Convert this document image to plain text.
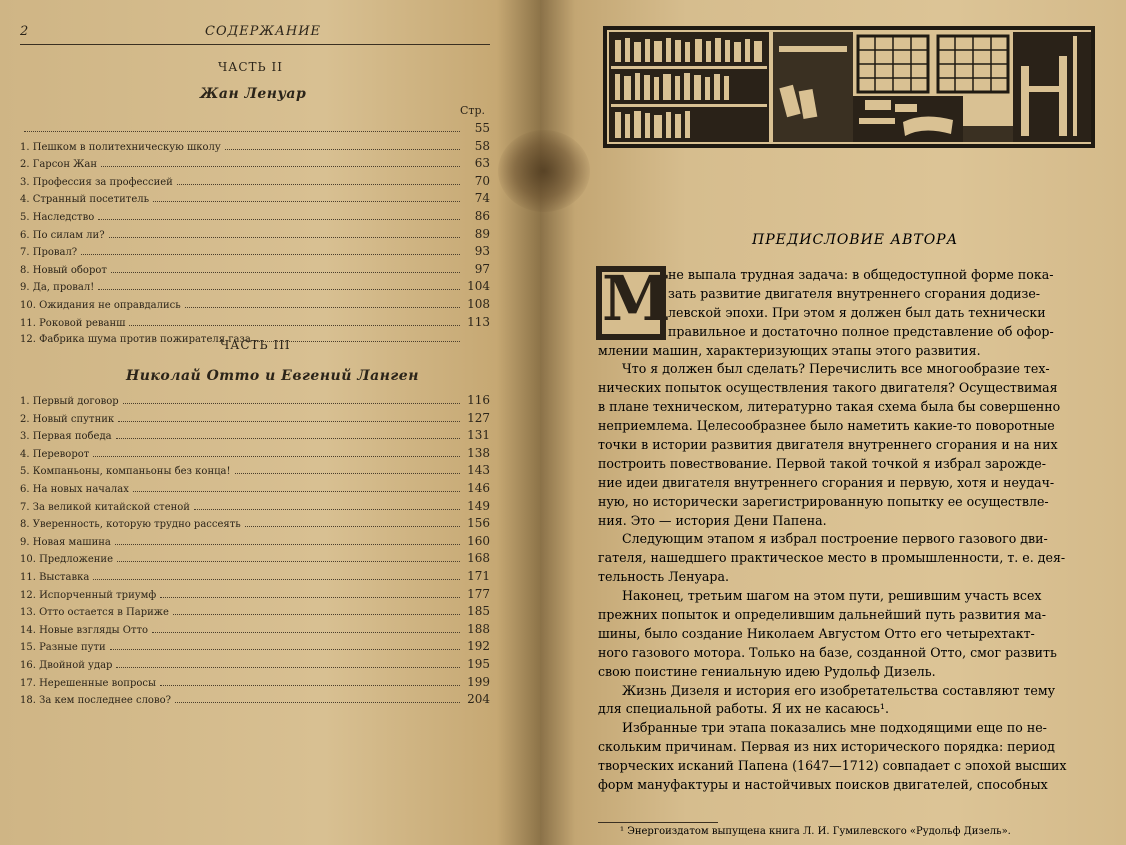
2	СОДЕРЖАНИЕ
ЧАСТЬ II
Жан Ленуар
Стр.
55
1. Пешком в политехническую школу	58
2. Гарсон Жан	63
3. Профессия за профессией	70
4. Странный посетитель	74
5. Наследство	86
6. По силам ли?	89
7. Провал?	93
8. Новый оборот	97
9. Да, провал!	104
10. Ожидания не оправдались	108
11. Роковой реванш	113
12. Фабрика шума против пожирателя газа
ЧАСТЬ III
Николай Отто и Евгений Ланген
1. Первый договор	116
2. Новый спутник	127
3. Первая победа	131
4. Переворот	138
5. Компаньоны, компаньоны без конца!	143
6. На новых началах	146
7. За великой китайской стеной	149
8. Уверенность, которую трудно рассеять	156
9. Новая машина	160
10. Предложение	168
11. Выставка	171
12. Испорченный триумф	177
13. Отто остается в Париже	185
14. Новые взгляды Отто	188
15. Разные пути	192
16. Двойной удар	195
17. Нерешенные вопросы	199
18. За кем последнее слово?	204
ПРЕДИСЛОВИЕ АВТОРА
М
не выпала трудная задача: в общедоступной форме пока-
зать развитие двигателя внутреннего сгорания додизе-
левской эпохи. При этом я должен был дать технически
правильное и достаточно полное представление об офор-
млении машин, характеризующих этапы этого развития.
Что я должен был сделать? Перечислить все многообразие тех-
нических попыток осуществления такого двигателя? Осуществимая
в плане техническом, литературно такая схема была бы совершенно
неприемлема. Целесообразнее было наметить какие-то поворотные
точки в истории развития двигателя внутреннего сгорания и на них
построить повествование. Первой такой точкой я избрал зарожде-
ние идеи двигателя внутреннего сгорания и первую, хотя и неудач-
ную, но исторически зарегистрированную попытку ее осуществле-
ния. Это — история Дени Папена.
Следующим этапом я избрал построение первого газового дви-
гателя, нашедшего практическое место в промышленности, т. е. дея-
тельность Ленуара.
Наконец, третьим шагом на этом пути, решившим участь всех
прежних попыток и определившим дальнейший путь развития ма-
шины, было создание Николаем Августом Отто его четырехтакт-
ного газового мотора. Только на базе, созданной Отто, смог развить
свою поистине гениальную идею Рудольф Дизель.
Жизнь Дизеля и история его изобретательства составляют тему
для специальной работы. Я их не касаюсь¹.
Избранные три этапа показались мне подходящими еще по не-
скольким причинам. Первая из них исторического порядка: период
творческих исканий Папена (1647—1712) совпадает с эпохой высших
форм мануфактуры и настойчивых поисков двигателей, способных
¹ Энергоиздатом выпущена книга Л. И. Гумилевского «Рудольф Дизель».
